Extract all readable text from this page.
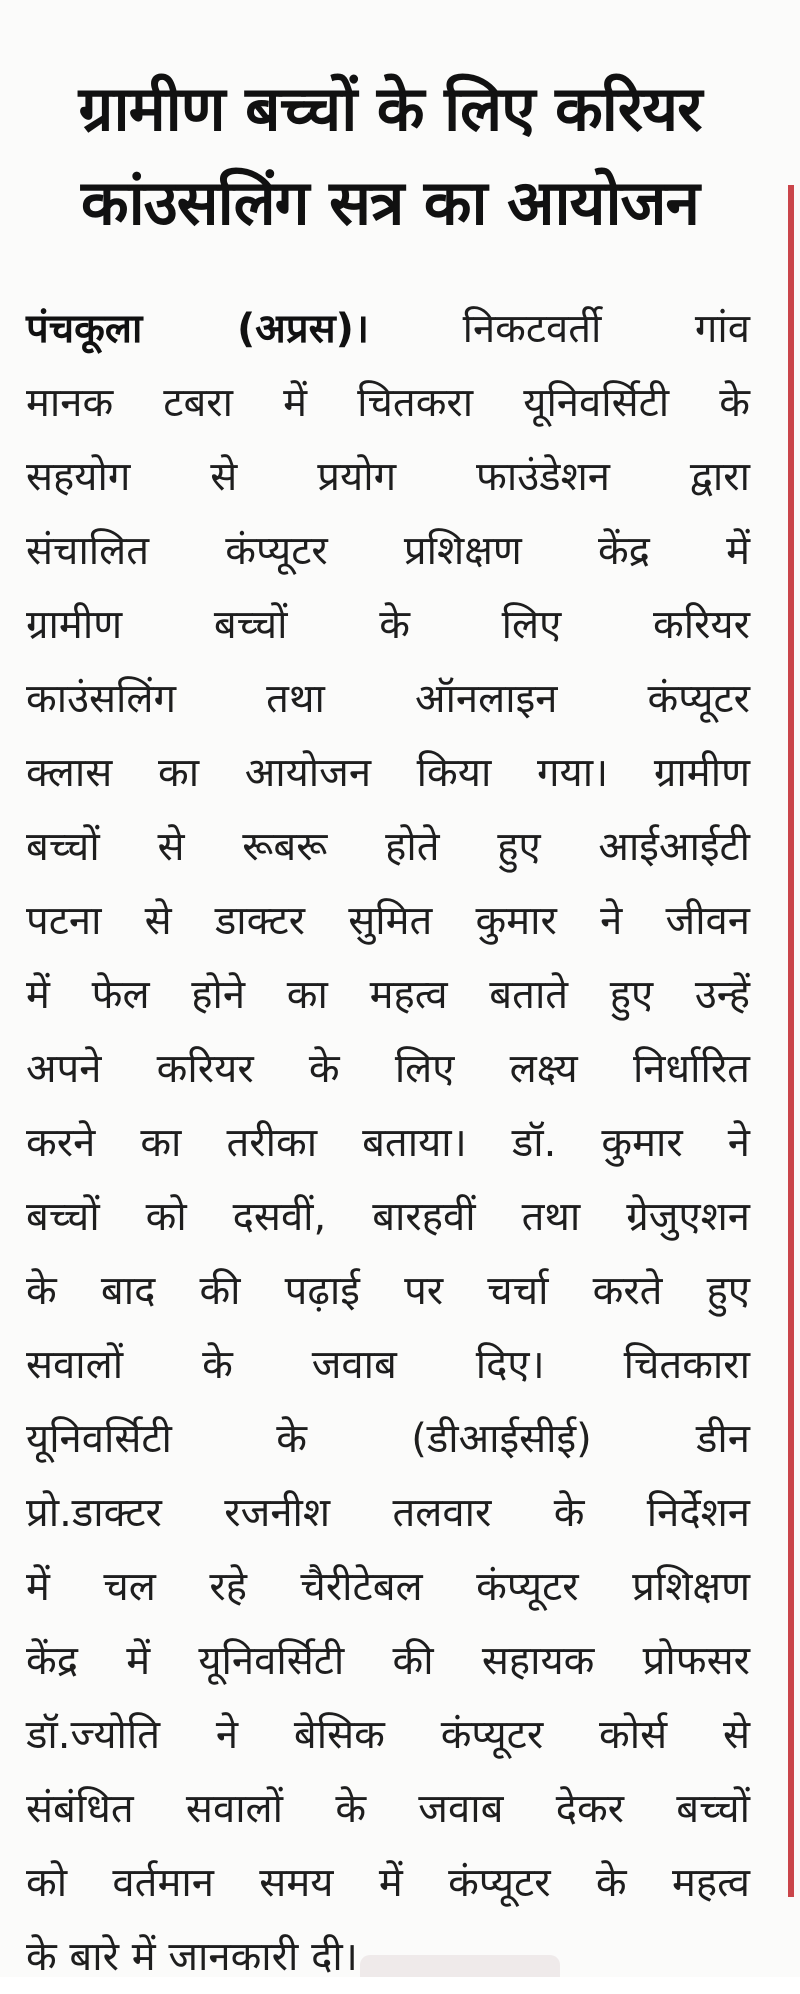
ग्रामीण बच्चों के लिए करियर
कांउसलिंग सत्र का आयोजन
पंचकूला (अप्रस)। निकटवर्ती गांव
मानक टबरा में चितकरा यूनिवर्सिटी के
सहयोग से प्रयोग फाउंडेशन द्वारा
संचालित कंप्यूटर प्रशिक्षण केंद्र में
ग्रामीण बच्चों के लिए करियर
काउंसलिंग तथा ऑनलाइन कंप्यूटर
क्लास का आयोजन किया गया। ग्रामीण
बच्चों से रूबरू होते हुए आईआईटी
पटना से डाक्टर सुमित कुमार ने जीवन
में फेल होने का महत्व बताते हुए उन्हें
अपने करियर के लिए लक्ष्य निर्धारित
करने का तरीका बताया। डॉ. कुमार ने
बच्चों को दसवीं, बारहवीं तथा ग्रेजुएशन
के बाद की पढ़ाई पर चर्चा करते हुए
सवालों के जवाब दिए। चितकारा
यूनिवर्सिटी के (डीआईसीई) डीन
प्रो.डाक्टर रजनीश तलवार के निर्देशन
में चल रहे चैरीटेबल कंप्यूटर प्रशिक्षण
केंद्र में यूनिवर्सिटी की सहायक प्रोफसर
डॉ.ज्योति ने बेसिक कंप्यूटर कोर्स से
संबंधित सवालों के जवाब देकर बच्चों
को वर्तमान समय में कंप्यूटर के महत्व
के बारे में जानकारी दी।
